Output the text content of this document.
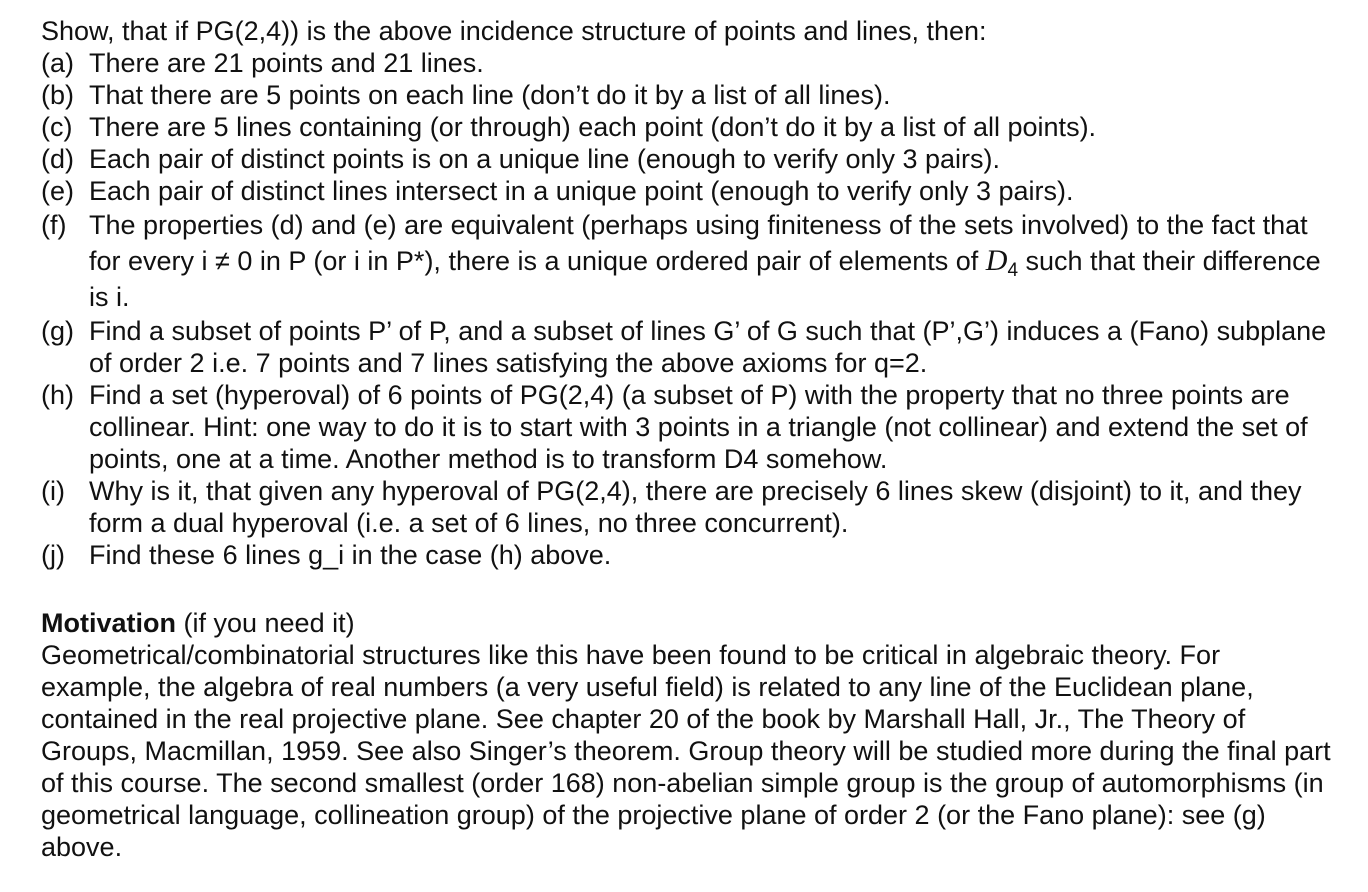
Show, that if PG(2,4)) is the above incidence structure of points and lines, then:

(a) There are 21 points and 21 lines.
(b) That there are 5 points on each line (don’t do it by a list of all lines).
(c) There are 5 lines containing (or through) each point (don’t do it by a list of all points).
(d) Each pair of distinct points is on a unique line (enough to verify only 3 pairs).
(e) Each pair of distinct lines intersect in a unique point (enough to verify only 3 pairs).
(f) The properties (d) and (e) are equivalent (perhaps using finiteness of the sets involved) to the fact that for every i ≠ 0 in P (or i in P*), there is a unique ordered pair of elements of $D_4$ such that their difference is i.
(g) Find a subset of points P’ of P, and a subset of lines G’ of G such that (P’,G’) induces a (Fano) subplane of order 2 i.e. 7 points and 7 lines satisfying the above axioms for q=2.
(h) Find a set (hyperoval) of 6 points of PG(2,4) (a subset of P) with the property that no three points are collinear. Hint: one way to do it is to start with 3 points in a triangle (not collinear) and extend the set of points, one at a time. Another method is to transform D4 somehow.
(i) Why is it, that given any hyperoval of PG(2,4), there are precisely 6 lines skew (disjoint) to it, and they form a dual hyperoval (i.e. a set of 6 lines, no three concurrent).
(j) Find these 6 lines g_i in the case (h) above.

Motivation (if you need it)

Geometrical/combinatorial structures like this have been found to be critical in algebraic theory. For example, the algebra of real numbers (a very useful field) is related to any line of the Euclidean plane, contained in the real projective plane. See chapter 20 of the book by Marshall Hall, Jr., The Theory of Groups, Macmillan, 1959. See also Singer’s theorem. Group theory will be studied more during the final part of this course. The second smallest (order 168) non-abelian simple group is the group of automorphisms (in geometrical language, collineation group) of the projective plane of order 2 (or the Fano plane): see (g) above.
